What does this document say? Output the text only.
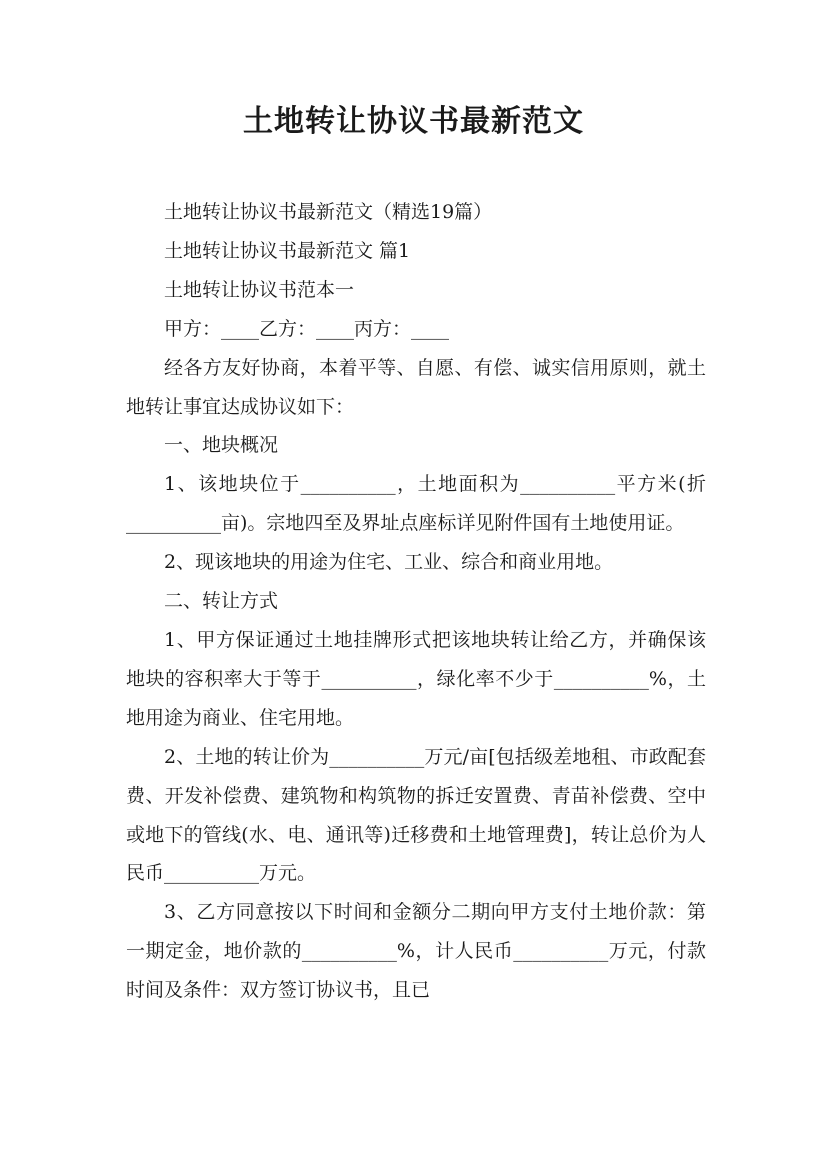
土地转让协议书最新范文

土地转让协议书最新范文（精选19篇）

土地转让协议书最新范文 篇1

土地转让协议书范本一

甲方：____乙方：____丙方：____

经各方友好协商，本着平等、自愿、有偿、诚实信用原则，就土地转让事宜达成协议如下：

一、地块概况

1、该地块位于__________，土地面积为__________平方米(折__________亩)。宗地四至及界址点座标详见附件国有土地使用证。

2、现该地块的用途为住宅、工业、综合和商业用地。

二、转让方式

1、甲方保证通过土地挂牌形式把该地块转让给乙方，并确保该地块的容积率大于等于__________，绿化率不少于__________%，土地用途为商业、住宅用地。

2、土地的转让价为__________万元/亩[包括级差地租、市政配套费、开发补偿费、建筑物和构筑物的拆迁安置费、青苗补偿费、空中或地下的管线(水、电、通讯等)迁移费和土地管理费]，转让总价为人民币__________万元。

3、乙方同意按以下时间和金额分二期向甲方支付土地价款：第一期定金，地价款的__________%，计人民币__________万元，付款时间及条件：双方签订协议书，且已
